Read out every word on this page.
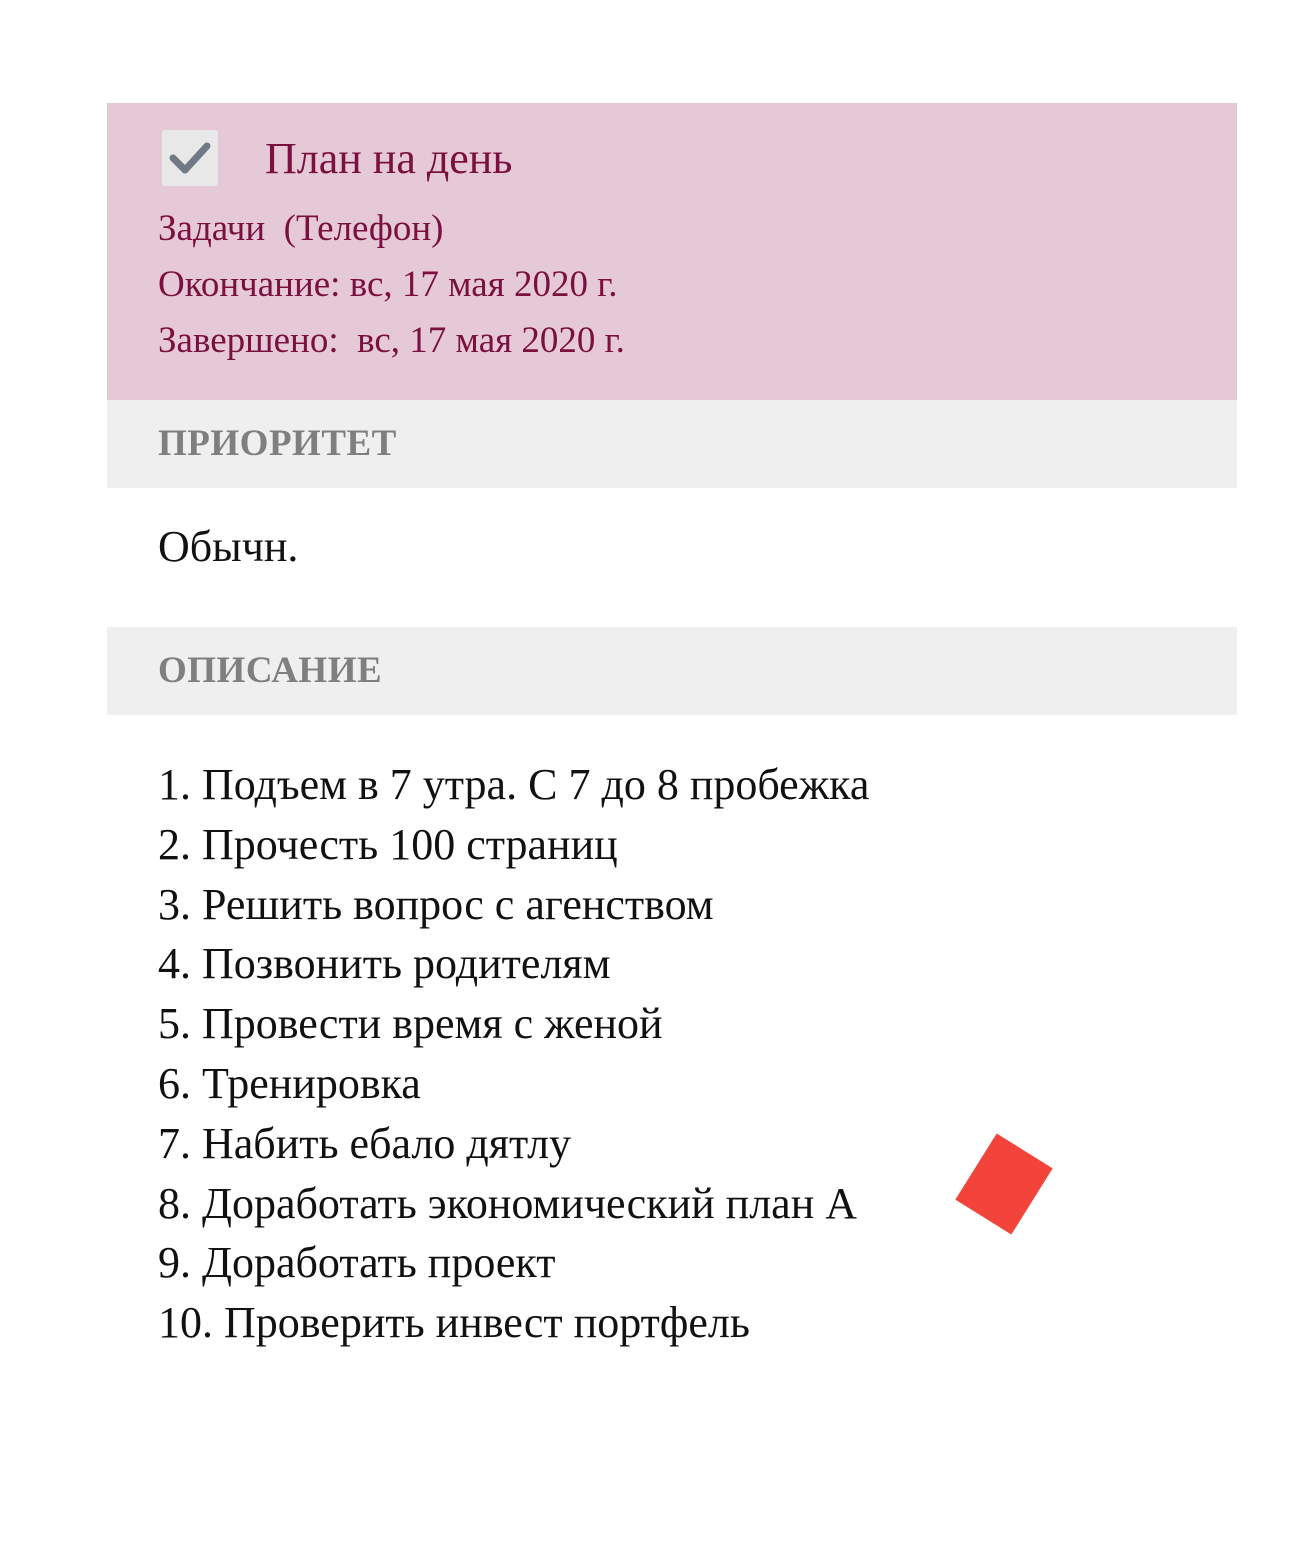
План на день
Задачи  (Телефон)
Окончание: вс, 17 мая 2020 г.
Завершено:  вс, 17 мая 2020 г.
ПРИОРИТЕТ
Обычн.
ОПИСАНИЕ
1. Подъем в 7 утра. С 7 до 8 пробежка
2. Прочесть 100 страниц
3. Решить вопрос с агенством
4. Позвонить родителям
5. Провести время с женой
6. Тренировка
7. Набить ебало дятлу
8. Доработать экономический план А
9. Доработать проект
10. Проверить инвест портфель
